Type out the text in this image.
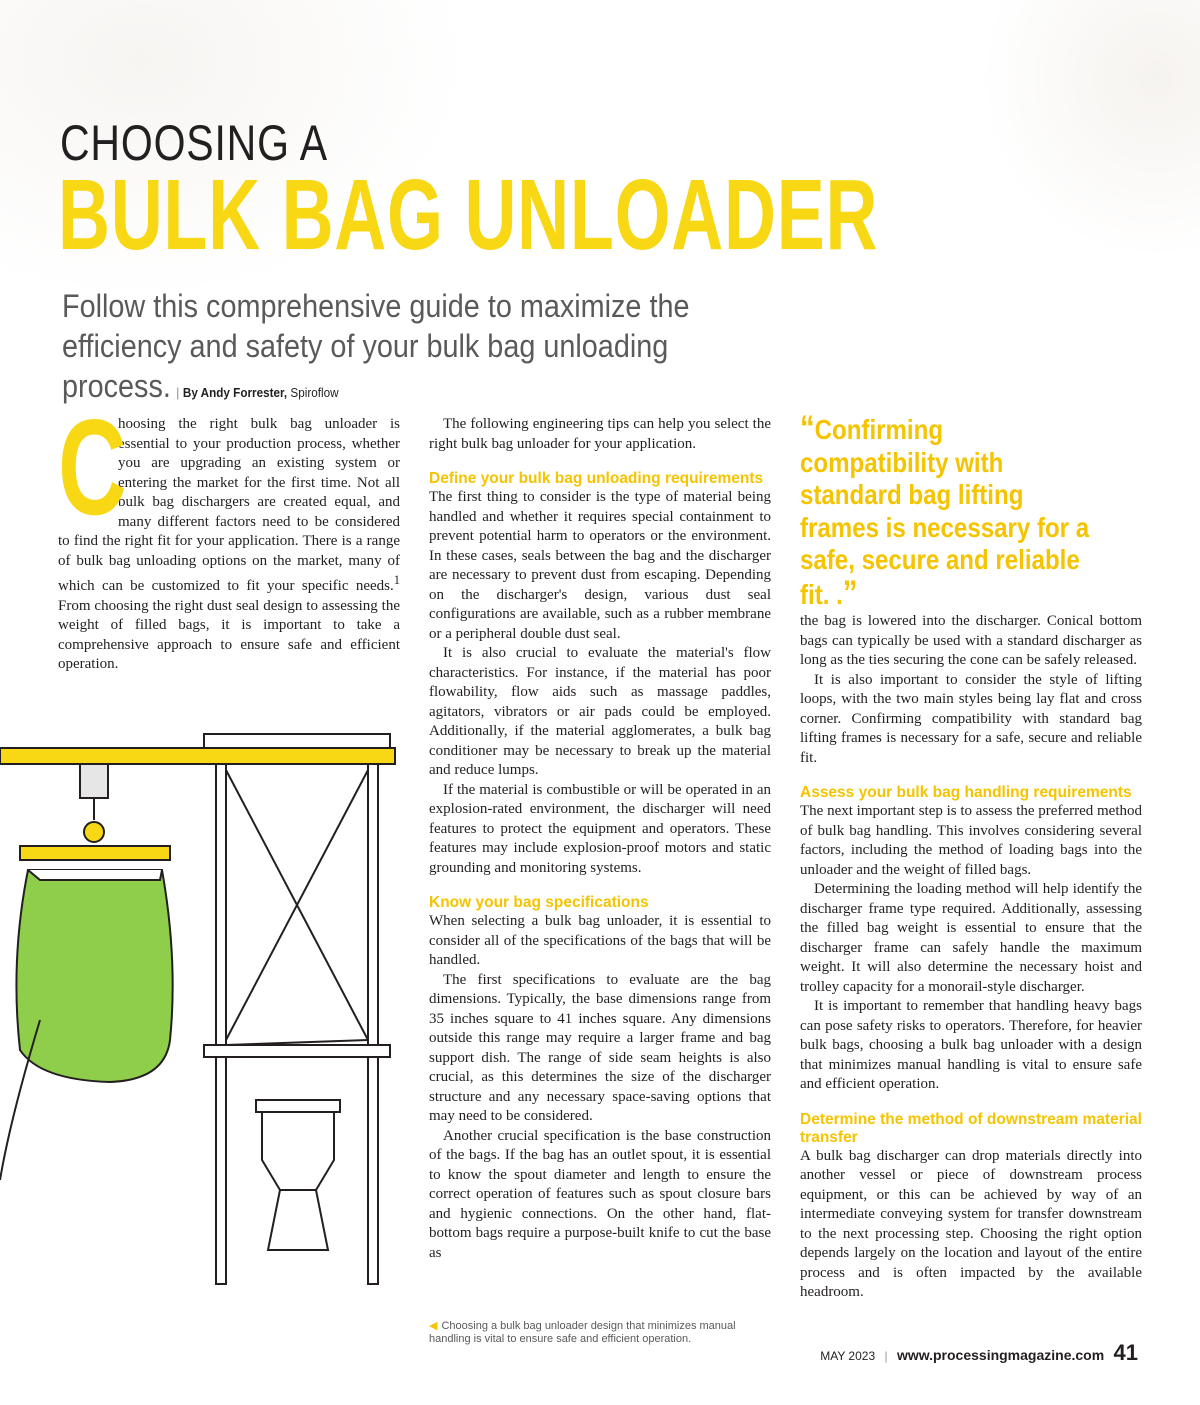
CHOOSING A
BULK BAG UNLOADER
Follow this comprehensive guide to maximize the efficiency and safety of your bulk bag unloading process. | By Andy Forrester, Spiroflow
C

hoosing the right bulk bag unloader is essential to your production process, whether you are upgrading an existing system or entering the market for the first time. Not all bulk bag dischargers are created equal, and many different factors need to be considered to find the right fit for your application. There is a range of bulk bag unloading options on the market, many of which can be customized to fit your specific needs.$^1$ From choosing the right dust seal design to assessing the weight of filled bags, it is important to take a comprehensive approach to ensure safe and efficient operation.

The following engineering tips can help you select the right bulk bag unloader for your application.

Define your bulk bag unloading requirements

The first thing to consider is the type of material being handled and whether it requires special containment to prevent potential harm to operators or the environment. In these cases, seals between the bag and the discharger are necessary to prevent dust from escaping. Depending on the discharger's design, various dust seal configurations are available, such as a rubber membrane or a peripheral double dust seal.

It is also crucial to evaluate the material's flow characteristics. For instance, if the material has poor flowability, flow aids such as massage paddles, agitators, vibrators or air pads could be employed. Additionally, if the material agglomerates, a bulk bag conditioner may be necessary to break up the material and reduce lumps.

If the material is combustible or will be operated in an explosion-rated environment, the discharger will need features to protect the equipment and operators. These features may include explosion-proof motors and static grounding and monitoring systems.

Know your bag specifications

When selecting a bulk bag unloader, it is essential to consider all of the specifications of the bags that will be handled.

The first specifications to evaluate are the bag dimensions. Typically, the base dimensions range from 35 inches square to 41 inches square. Any dimensions outside this range may require a larger frame and bag support dish. The range of side seam heights is also crucial, as this determines the size of the discharger structure and any necessary space-saving options that may need to be considered.

Another crucial specification is the base construction of the bags. If the bag has an outlet spout, it is essential to know the spout diameter and length to ensure the correct operation of features such as spout closure bars and hygienic connections. On the other hand, flat-bottom bags require a purpose-built knife to cut the base as

“Confirming compatibility with standard bag lifting frames is necessary for a safe, secure and reliable fit. .”

the bag is lowered into the discharger. Conical bottom bags can typically be used with a standard discharger as long as the ties securing the cone can be safely released.

It is also important to consider the style of lifting loops, with the two main styles being lay flat and cross corner. Confirming compatibility with standard bag lifting frames is necessary for a safe, secure and reliable fit.

Assess your bulk bag handling requirements

The next important step is to assess the preferred method of bulk bag handling. This involves considering several factors, including the method of loading bags into the unloader and the weight of filled bags.

Determining the loading method will help identify the discharger frame type required. Additionally, assessing the filled bag weight is essential to ensure that the discharger frame can safely handle the maximum weight. It will also determine the necessary hoist and trolley capacity for a monorail-style discharger.

It is important to remember that handling heavy bags can pose safety risks to operators. Therefore, for heavier bulk bags, choosing a bulk bag unloader with a design that minimizes manual handling is vital to ensure safe and efficient operation.

Determine the method of downstream material transfer

A bulk bag discharger can drop materials directly into another vessel or piece of downstream process equipment, or this can be achieved by way of an intermediate conveying system for transfer downstream to the next processing step. Choosing the right option depends largely on the location and layout of the entire process and is often impacted by the available headroom.

◀ Choosing a bulk bag unloader design that minimizes manual handling is vital to ensure safe and efficient operation.
MAY 2023 | www.processingmagazine.com 41
